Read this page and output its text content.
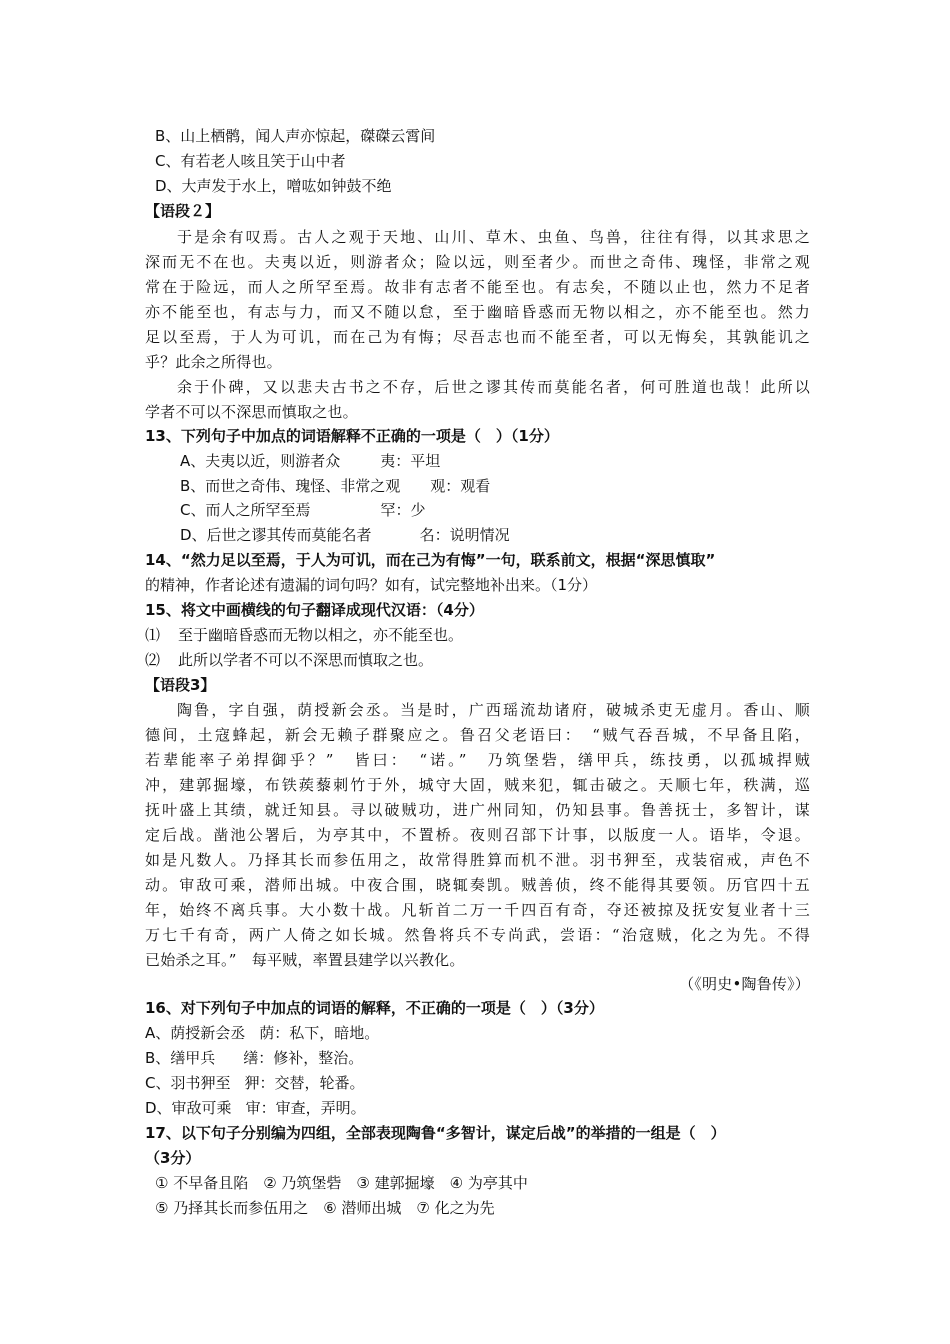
B、山上栖鹘，闻人声亦惊起，磔磔云霄间
C、有若老人咳且笑于山中者
D、大声发于水上，噌吰如钟鼓不绝
【语段２】
于是余有叹焉。古人之观于天地、山川、草木、虫鱼、鸟兽，往往有得，以其求思之
深而无不在也。夫夷以近，则游者众；险以远，则至者少。而世之奇伟、瑰怪，非常之观
常在于险远，而人之所罕至焉。故非有志者不能至也。有志矣，不随以止也，然力不足者
亦不能至也，有志与力，而又不随以怠，至于幽暗昏惑而无物以相之，亦不能至也。然力
足以至焉，于人为可讥，而在己为有悔；尽吾志也而不能至者，可以无悔矣，其孰能讥之
乎？此余之所得也。
余于仆碑，又以悲夫古书之不存，后世之谬其传而莫能名者，何可胜道也哉！此所以
学者不可以不深思而慎取之也。
13、下列句子中加点的词语解释不正确的一项是（　）（1分）
A、夫夷以近，则游者众	夷：平坦
B、而世之奇伟、瑰怪、非常之观 观：观看
C、而人之所罕至焉	罕：少
D、后世之谬其传而莫能名者	名：说明情况
14、“然力足以至焉，于人为可讥，而在己为有悔”一句，联系前文，根据“深思慎取”
的精神，作者论述有遗漏的词句吗？如有，试完整地补出来。（1分）
15、将文中画横线的句子翻译成现代汉语：（4分）
⑴ 至于幽暗昏惑而无物以相之，亦不能至也。
⑵ 此所以学者不可以不深思而慎取之也。
【语段3】
陶鲁，字自强，荫授新会丞。当是时，广西瑶流劫诸府，破城杀吏无虚月。香山、顺
德间，土寇蜂起，新会无赖子群聚应之。鲁召父老语曰：　“贼气吞吾城，不早备且陷，
若辈能率子弟捍御乎？”　皆曰：　“诺。”　乃筑堡砦，缮甲兵，练技勇，以孤城捍贼
冲，建郭掘壕，布铁蒺藜刺竹于外，城守大固，贼来犯，辄击破之。天顺七年，秩满，巡
抚叶盛上其绩，就迁知县。寻以破贼功，进广州同知，仍知县事。鲁善抚士，多智计，谋
定后战。凿池公署后，为亭其中，不置桥。夜则召部下计事，以版度一人。语毕，令退。
如是凡数人。乃择其长而参伍用之，故常得胜算而机不泄。羽书狎至，戎装宿戒，声色不
动。审敌可乘，潜师出城。中夜合围，晓辄奏凯。贼善侦，终不能得其要领。历官四十五
年，始终不离兵事。大小数十战。凡斩首二万一千四百有奇，夺还被掠及抚安复业者十三
万七千有奇，两广人倚之如长城。然鲁将兵不专尚武，尝语：“治寇贼，化之为先。不得
已始杀之耳。”　每平贼，率置县建学以兴教化。
（《明史•陶鲁传》）
16、对下列句子中加点的词语的解释，不正确的一项是（　）（3分）
A、荫授新会丞 荫：私下，暗地。
B、缮甲兵 缮：修补，整治。
C、羽书狎至 狎：交替，轮番。
D、审敌可乘 审：审查，弄明。
17、以下句子分别编为四组，全部表现陶鲁“多智计，谋定后战”的举措的一组是（　）
（3分）
① 不早备且陷　② 乃筑堡砦　③ 建郭掘壕　④ 为亭其中
⑤ 乃择其长而参伍用之　⑥ 潜师出城　⑦ 化之为先
